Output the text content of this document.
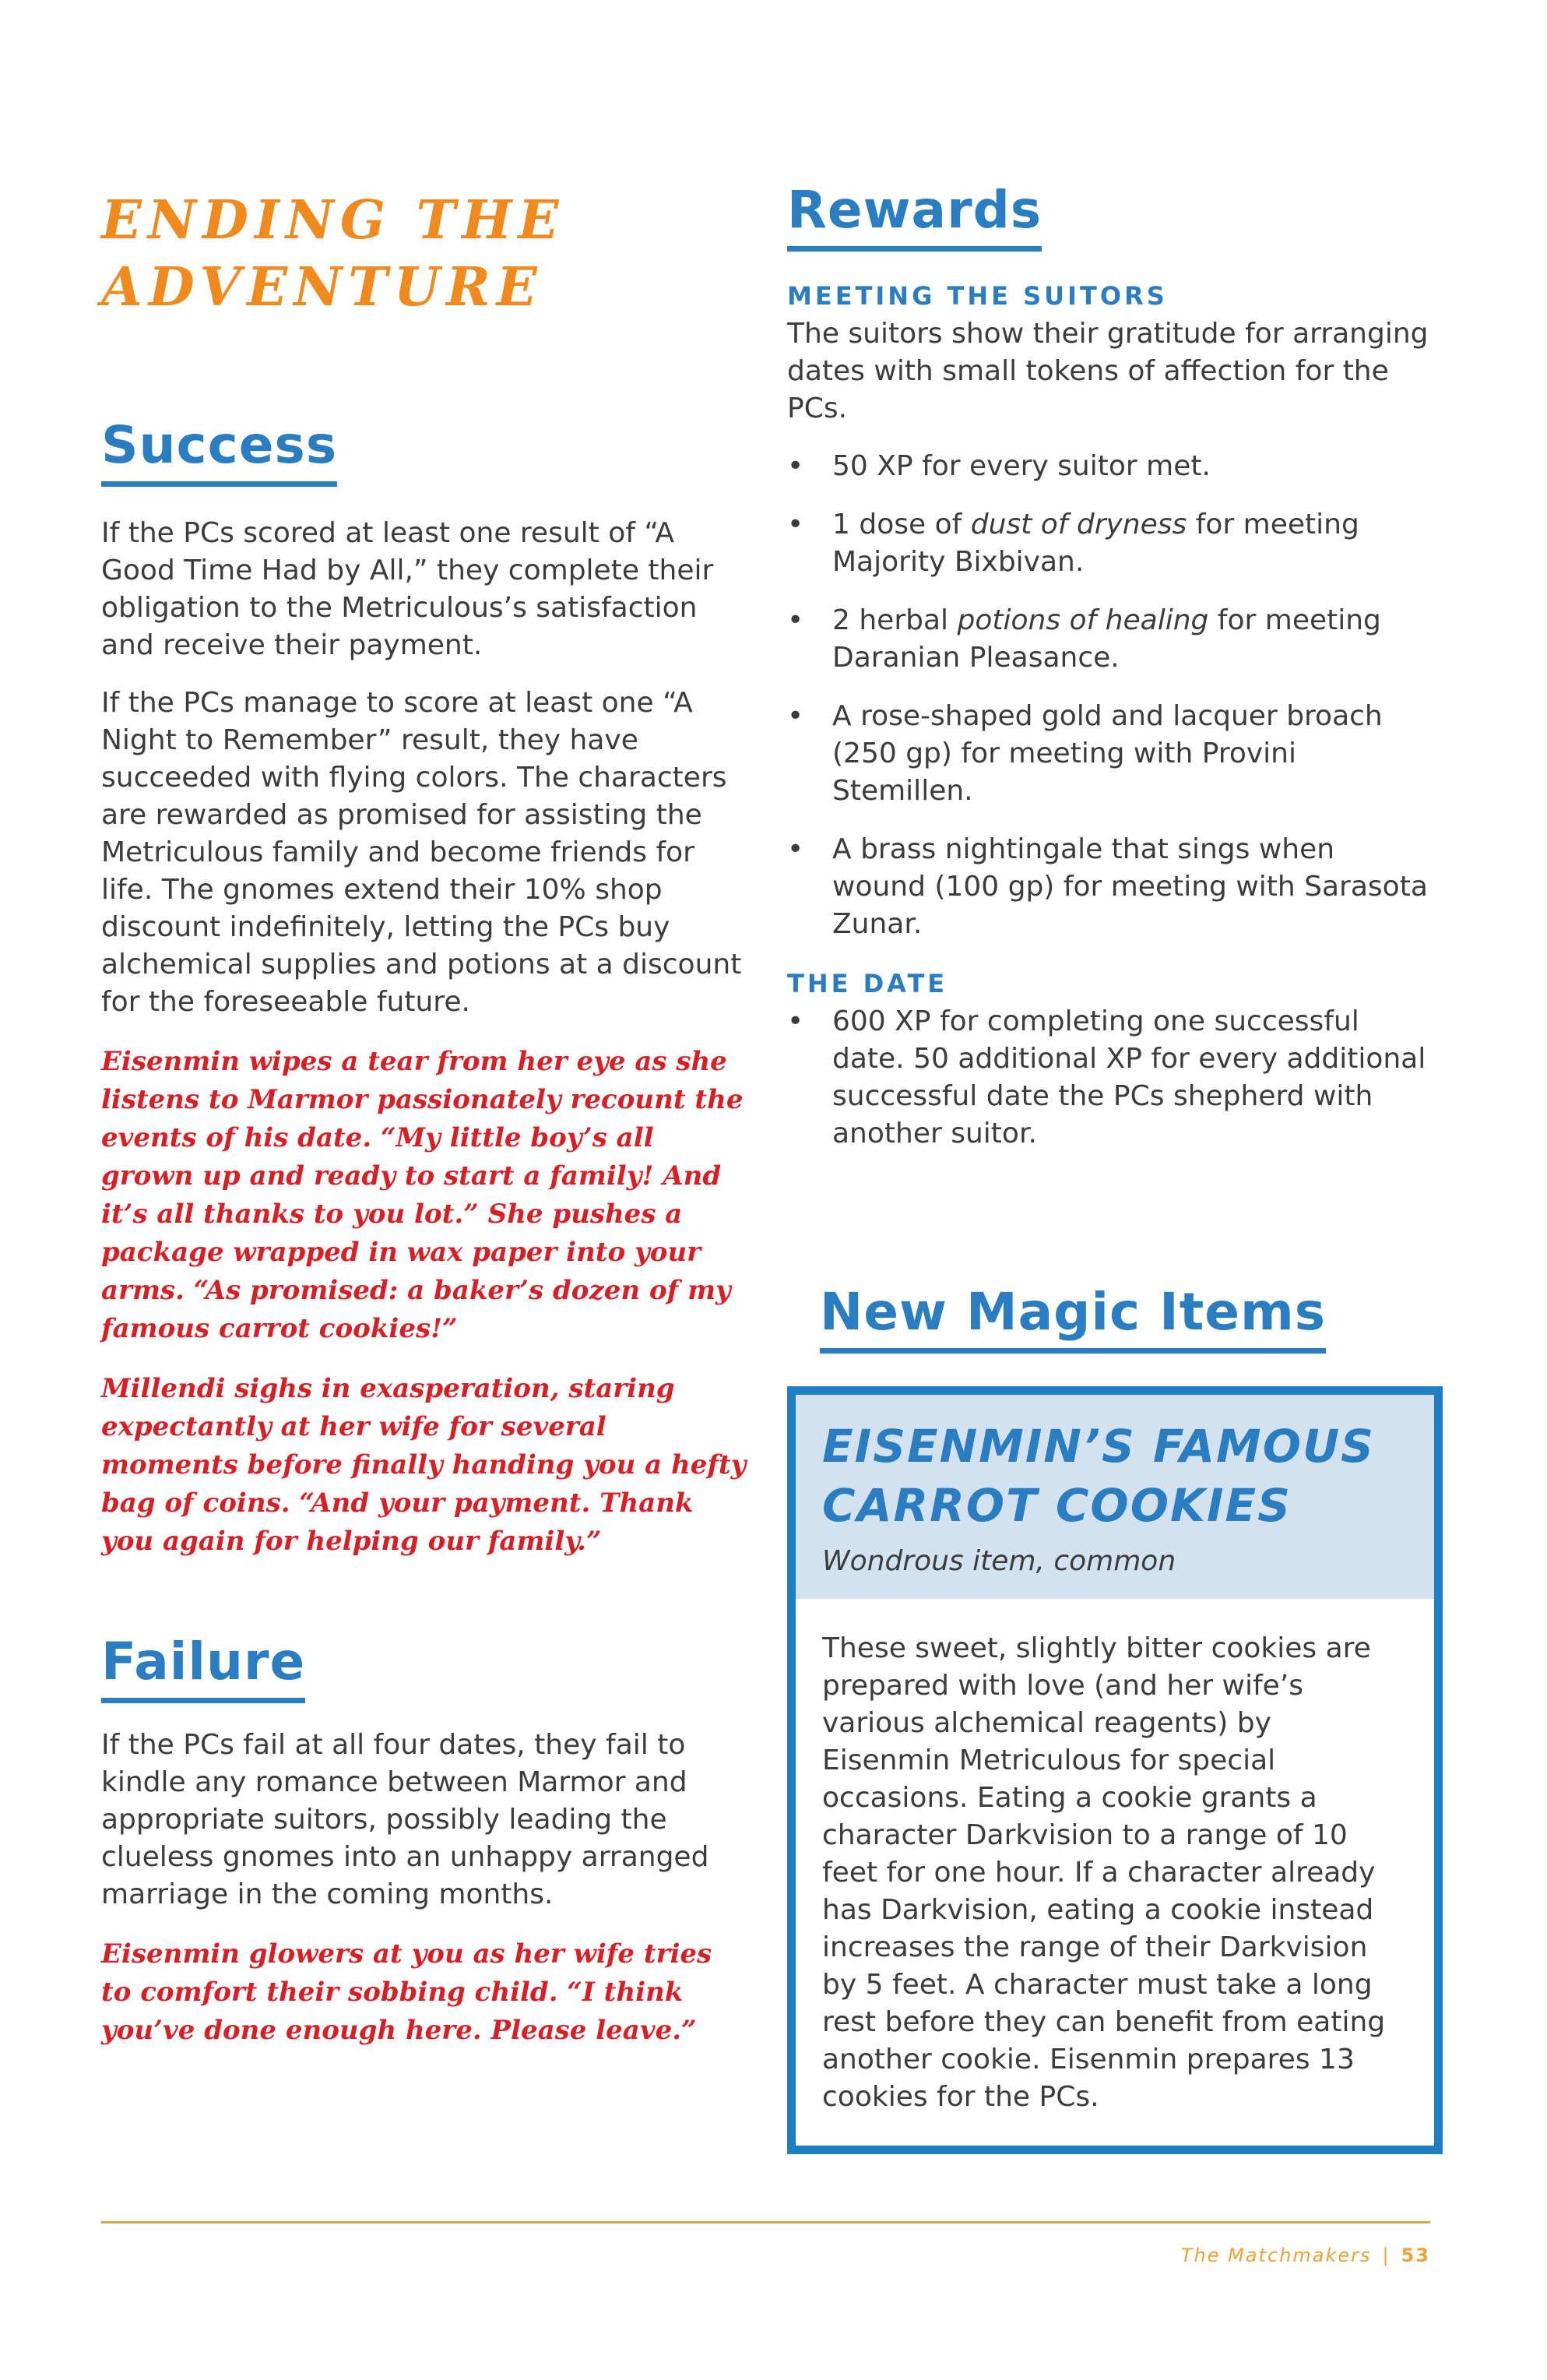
ENDING THE
ADVENTURE
Success

If the PCs scored at least one result of “A Good Time Had by All,” they complete their obligation to the Metriculous’s satisfaction and receive their payment.

If the PCs manage to score at least one “A Night to Remember” result, they have succeeded with flying colors. The characters are rewarded as promised for assisting the Metriculous family and become friends for life. The gnomes extend their 10% shop discount indefinitely, letting the PCs buy alchemical supplies and potions at a discount for the foreseeable future.

Eisenmin wipes a tear from her eye as she listens to Marmor passionately recount the events of his date. “My little boy’s all grown up and ready to start a family! And it’s all thanks to you lot.” She pushes a package wrapped in wax paper into your arms. “As promised: a baker’s dozen of my famous carrot cookies!”

Millendi sighs in exasperation, staring expectantly at her wife for several moments before finally handing you a hefty bag of coins. “And your payment. Thank you again for helping our family.”

Failure

If the PCs fail at all four dates, they fail to kindle any romance between Marmor and appropriate suitors, possibly leading the clueless gnomes into an unhappy arranged marriage in the coming months.

Eisenmin glowers at you as her wife tries to comfort their sobbing child. “I think you’ve done enough here. Please leave.”

Rewards
MEETING THE SUITORS

The suitors show their gratitude for arranging dates with small tokens of affection for the PCs.

• 50 XP for every suitor met.
• 1 dose of dust of dryness for meeting Majority Bixbivan.
• 2 herbal potions of healing for meeting Daranian Pleasance.
• A rose-shaped gold and lacquer broach (250 gp) for meeting with Provini Stemillen.
• A brass nightingale that sings when wound (100 gp) for meeting with Sarasota Zunar.
THE DATE
• 600 XP for completing one successful date. 50 additional XP for every additional successful date the PCs shepherd with another suitor.
New Magic Items
EISENMIN’S FAMOUS
CARROT COOKIES
Wondrous item, common
These sweet, slightly bitter cookies are prepared with love (and her wife’s various alchemical reagents) by Eisenmin Metriculous for special occasions. Eating a cookie grants a character Darkvision to a range of 10 feet for one hour. If a character already has Darkvision, eating a cookie instead increases the range of their Darkvision by 5 feet. A character must take a long rest before they can benefit from eating another cookie. Eisenmin prepares 13 cookies for the PCs.
The Matchmakers | 53
